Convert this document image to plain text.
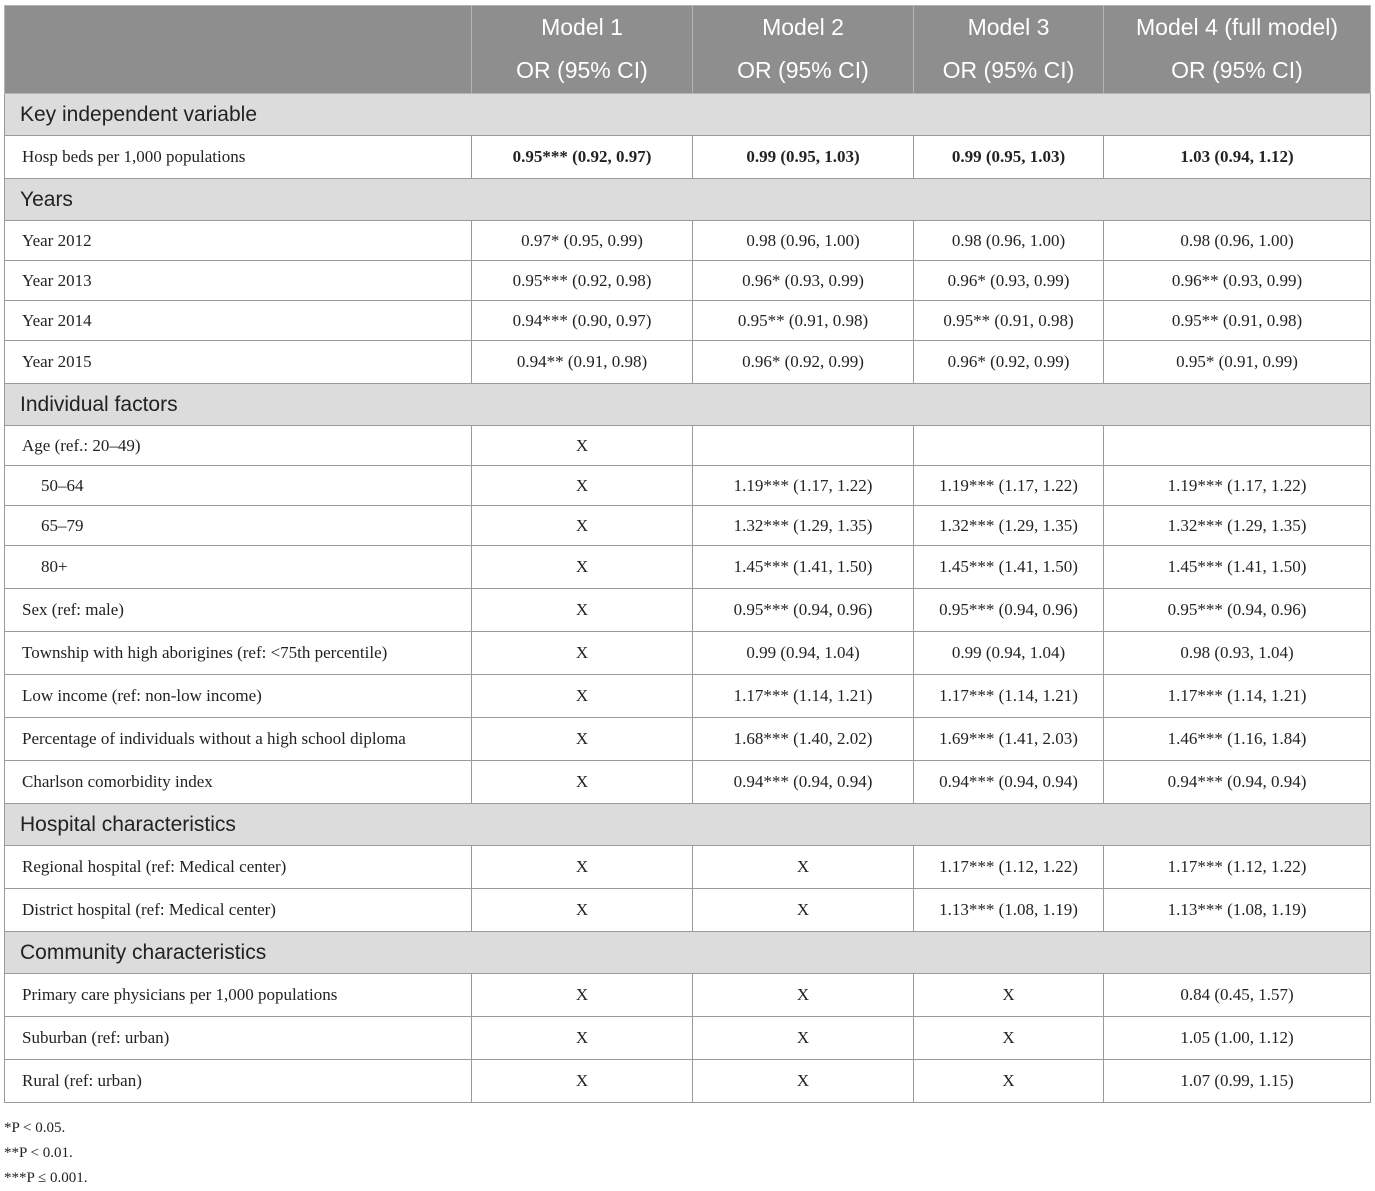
	Model 1	Model 2	Model 3	Model 4 (full model)
	OR (95% CI)	OR (95% CI)	OR (95% CI)	OR (95% CI)
Key independent variable				
Hosp beds per 1,000 populations	0.95*** (0.92, 0.97)	0.99 (0.95, 1.03)	0.99 (0.95, 1.03)	1.03 (0.94, 1.12)
Years				
Year 2012	0.97* (0.95, 0.99)	0.98 (0.96, 1.00)	0.98 (0.96, 1.00)	0.98 (0.96, 1.00)
Year 2013	0.95*** (0.92, 0.98)	0.96* (0.93, 0.99)	0.96* (0.93, 0.99)	0.96** (0.93, 0.99)
Year 2014	0.94*** (0.90, 0.97)	0.95** (0.91, 0.98)	0.95** (0.91, 0.98)	0.95** (0.91, 0.98)
Year 2015	0.94** (0.91, 0.98)	0.96* (0.92, 0.99)	0.96* (0.92, 0.99)	0.95* (0.91, 0.99)
Individual factors				
Age (ref.: 20–49)	X			
50–64	X	1.19*** (1.17, 1.22)	1.19*** (1.17, 1.22)	1.19*** (1.17, 1.22)
65–79	X	1.32*** (1.29, 1.35)	1.32*** (1.29, 1.35)	1.32*** (1.29, 1.35)
80+	X	1.45*** (1.41, 1.50)	1.45*** (1.41, 1.50)	1.45*** (1.41, 1.50)
Sex (ref: male)	X	0.95*** (0.94, 0.96)	0.95*** (0.94, 0.96)	0.95*** (0.94, 0.96)
Township with high aborigines (ref: <75th percentile)	X	0.99 (0.94, 1.04)	0.99 (0.94, 1.04)	0.98 (0.93, 1.04)
Low income (ref: non-low income)	X	1.17*** (1.14, 1.21)	1.17*** (1.14, 1.21)	1.17*** (1.14, 1.21)
Percentage of individuals without a high school diploma	X	1.68*** (1.40, 2.02)	1.69*** (1.41, 2.03)	1.46*** (1.16, 1.84)
Charlson comorbidity index	X	0.94*** (0.94, 0.94)	0.94*** (0.94, 0.94)	0.94*** (0.94, 0.94)
Hospital characteristics				
Regional hospital (ref: Medical center)	X	X	1.17*** (1.12, 1.22)	1.17*** (1.12, 1.22)
District hospital (ref: Medical center)	X	X	1.13*** (1.08, 1.19)	1.13*** (1.08, 1.19)
Community characteristics				
Primary care physicians per 1,000 populations	X	X	X	0.84 (0.45, 1.57)
Suburban (ref: urban)	X	X	X	1.05 (1.00, 1.12)
Rural (ref: urban)	X	X	X	1.07 (0.99, 1.15)
*P < 0.05.
**P < 0.01.
***P ≤ 0.001.
